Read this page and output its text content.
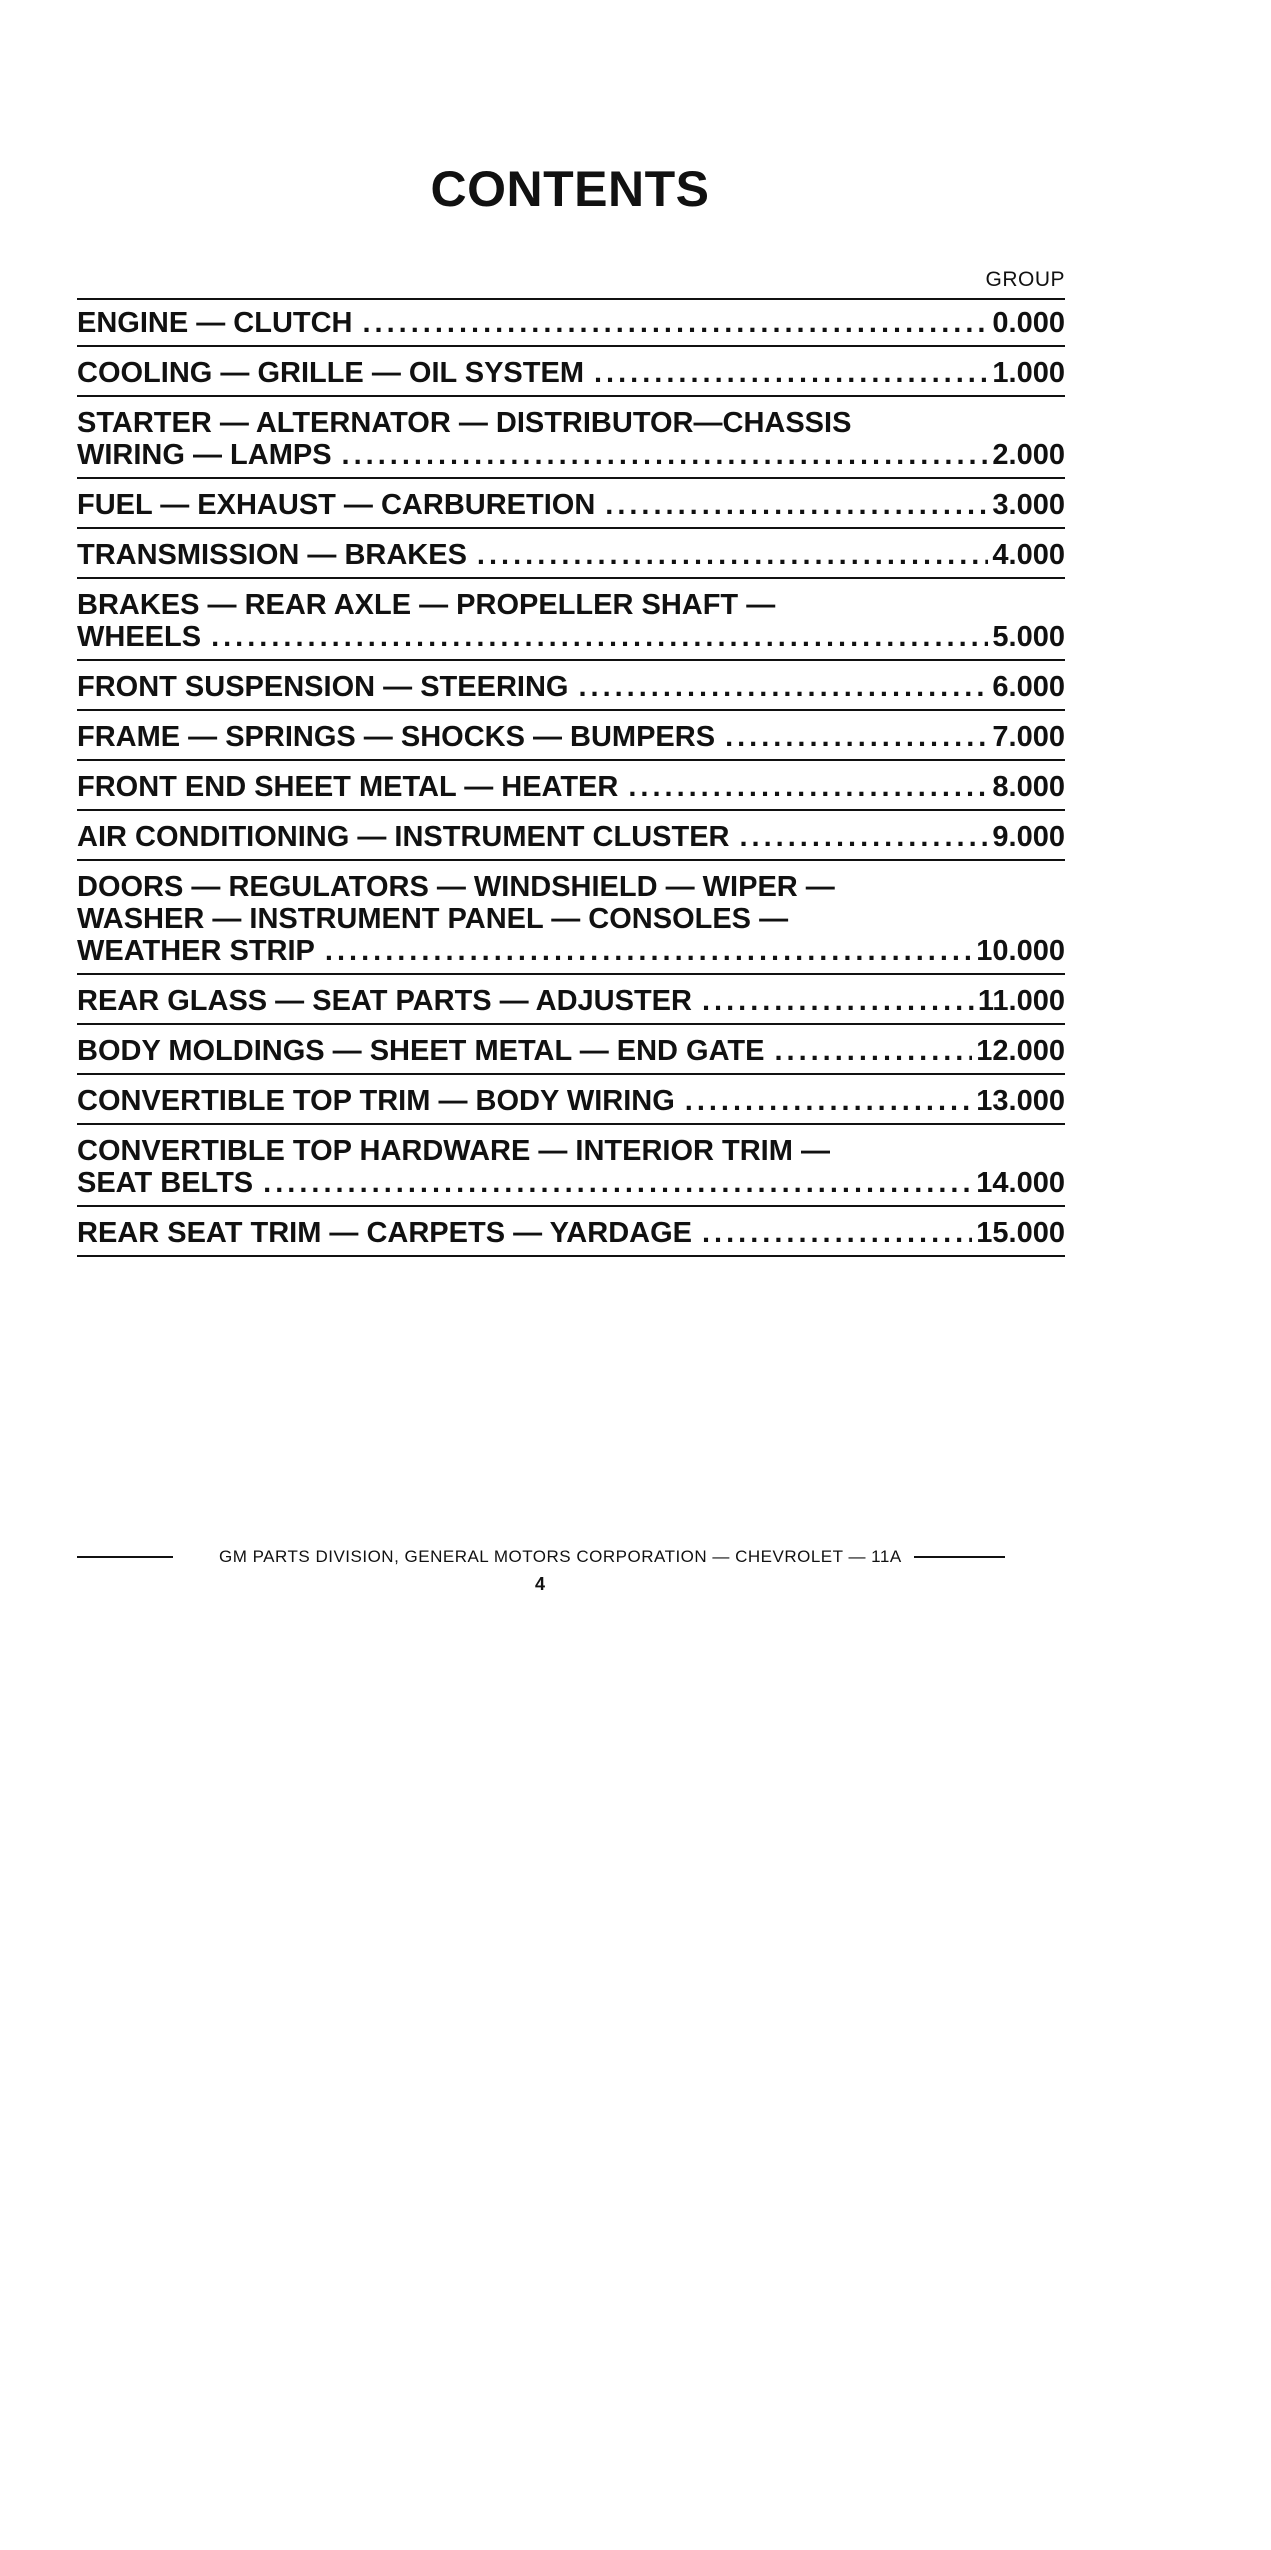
CONTENTS
GROUP
ENGINE — CLUTCH .....	0.000
COOLING — GRILLE — OIL SYSTEM .....	1.000
STARTER — ALTERNATOR — DISTRIBUTOR—CHASSIS
WIRING — LAMPS .....	2.000
FUEL — EXHAUST — CARBURETION .....	3.000
TRANSMISSION — BRAKES .....	4.000
BRAKES — REAR AXLE — PROPELLER SHAFT —
WHEELS .....	5.000
FRONT SUSPENSION — STEERING .....	6.000
FRAME — SPRINGS — SHOCKS — BUMPERS .....	7.000
FRONT END SHEET METAL — HEATER .....	8.000
AIR CONDITIONING — INSTRUMENT CLUSTER .....	9.000
DOORS — REGULATORS — WINDSHIELD — WIPER —
WASHER — INSTRUMENT PANEL — CONSOLES —
WEATHER STRIP .....	10.000
REAR GLASS — SEAT PARTS — ADJUSTER .....	11.000
BODY MOLDINGS — SHEET METAL — END GATE .....	12.000
CONVERTIBLE TOP TRIM — BODY WIRING .....	13.000
CONVERTIBLE TOP HARDWARE — INTERIOR TRIM —
SEAT BELTS .....	14.000
REAR SEAT TRIM — CARPETS — YARDAGE .....	15.000
GM PARTS DIVISION, GENERAL MOTORS CORPORATION — CHEVROLET — 11A
4
